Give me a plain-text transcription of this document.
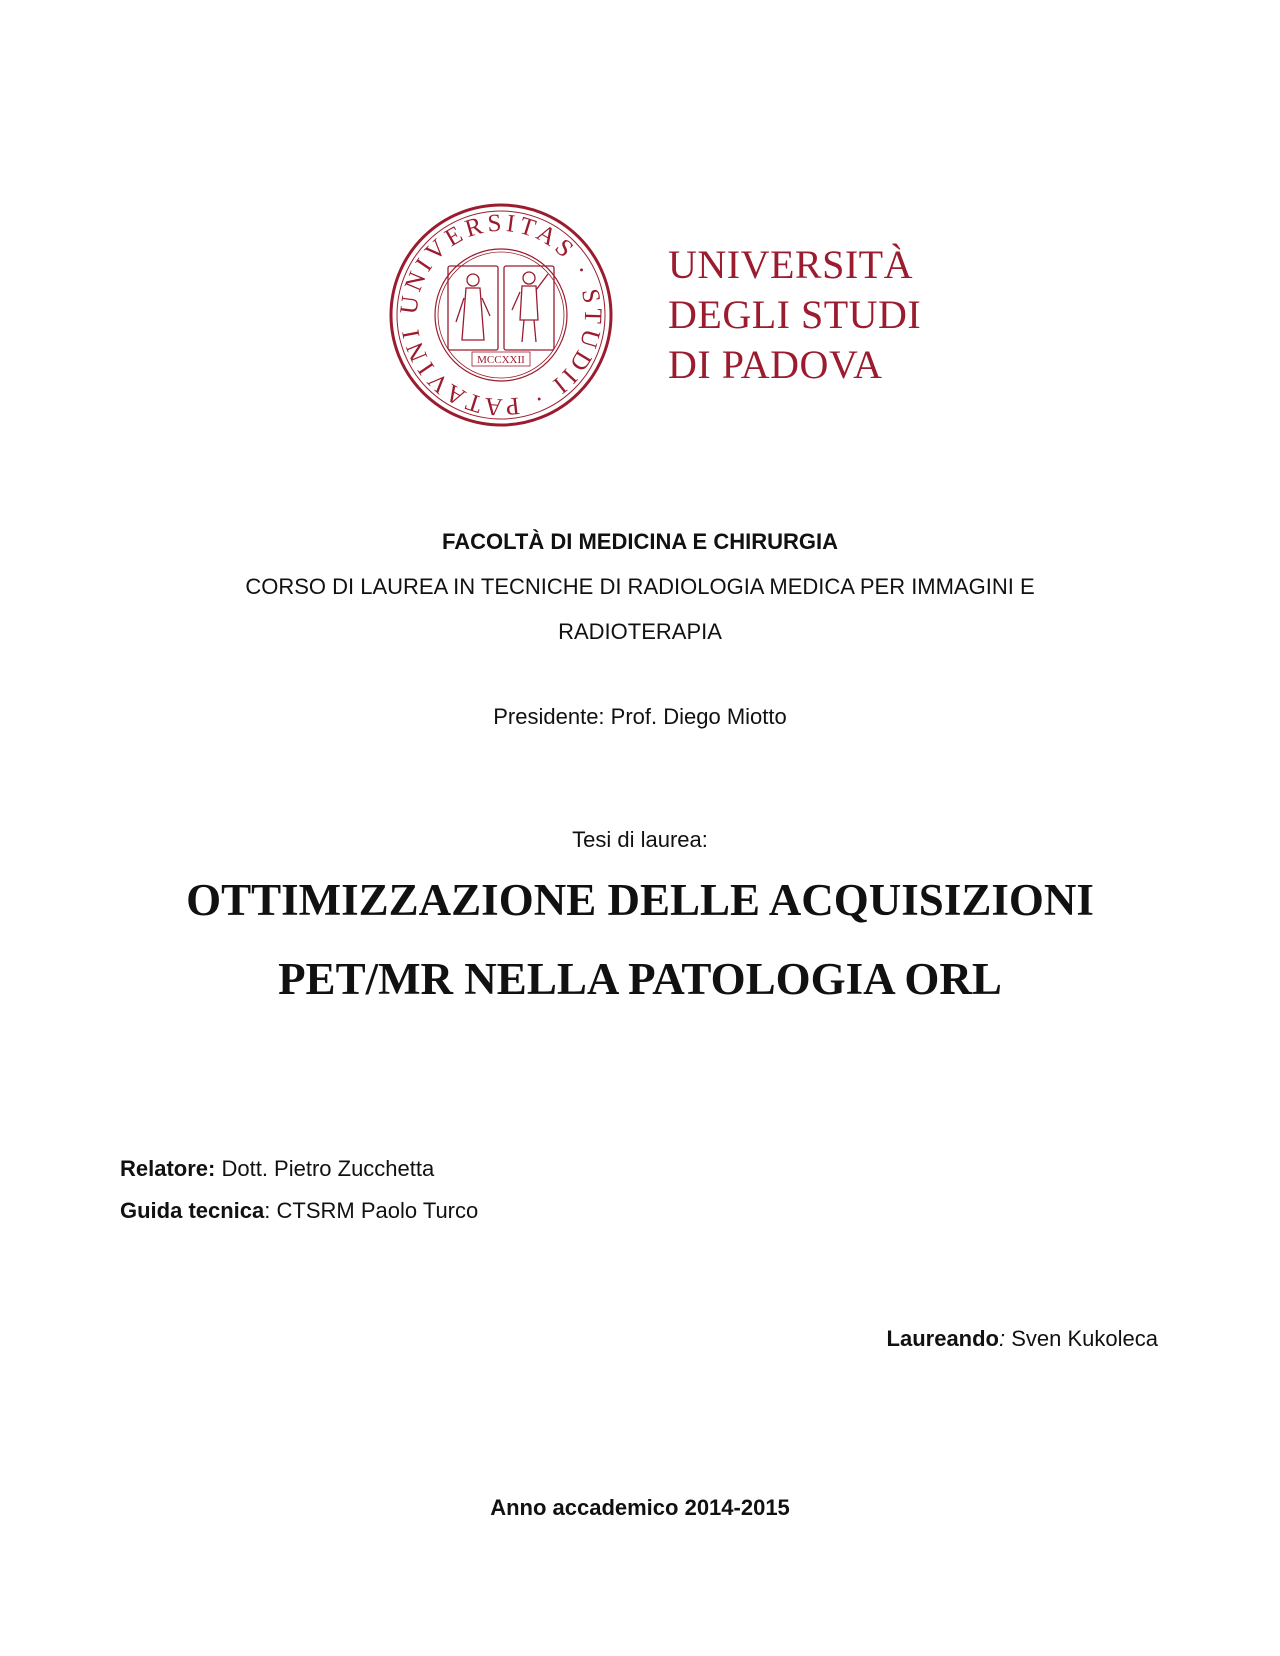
UNIVERSITAS · STUDII · PATAVINI
MCCXXII
UNIVERSITÀ
DEGLI STUDI
DI PADOVA
FACOLTÀ DI MEDICINA E CHIRURGIA
CORSO DI LAUREA IN TECNICHE DI RADIOLOGIA MEDICA PER IMMAGINI E
RADIOTERAPIA
Presidente: Prof. Diego Miotto
Tesi di laurea:
OTTIMIZZAZIONE DELLE ACQUISIZIONI
PET/MR NELLA PATOLOGIA ORL
Relatore: Dott. Pietro Zucchetta
Guida tecnica: CTSRM Paolo Turco
Laureando: Sven Kukoleca
Anno accademico 2014-2015
